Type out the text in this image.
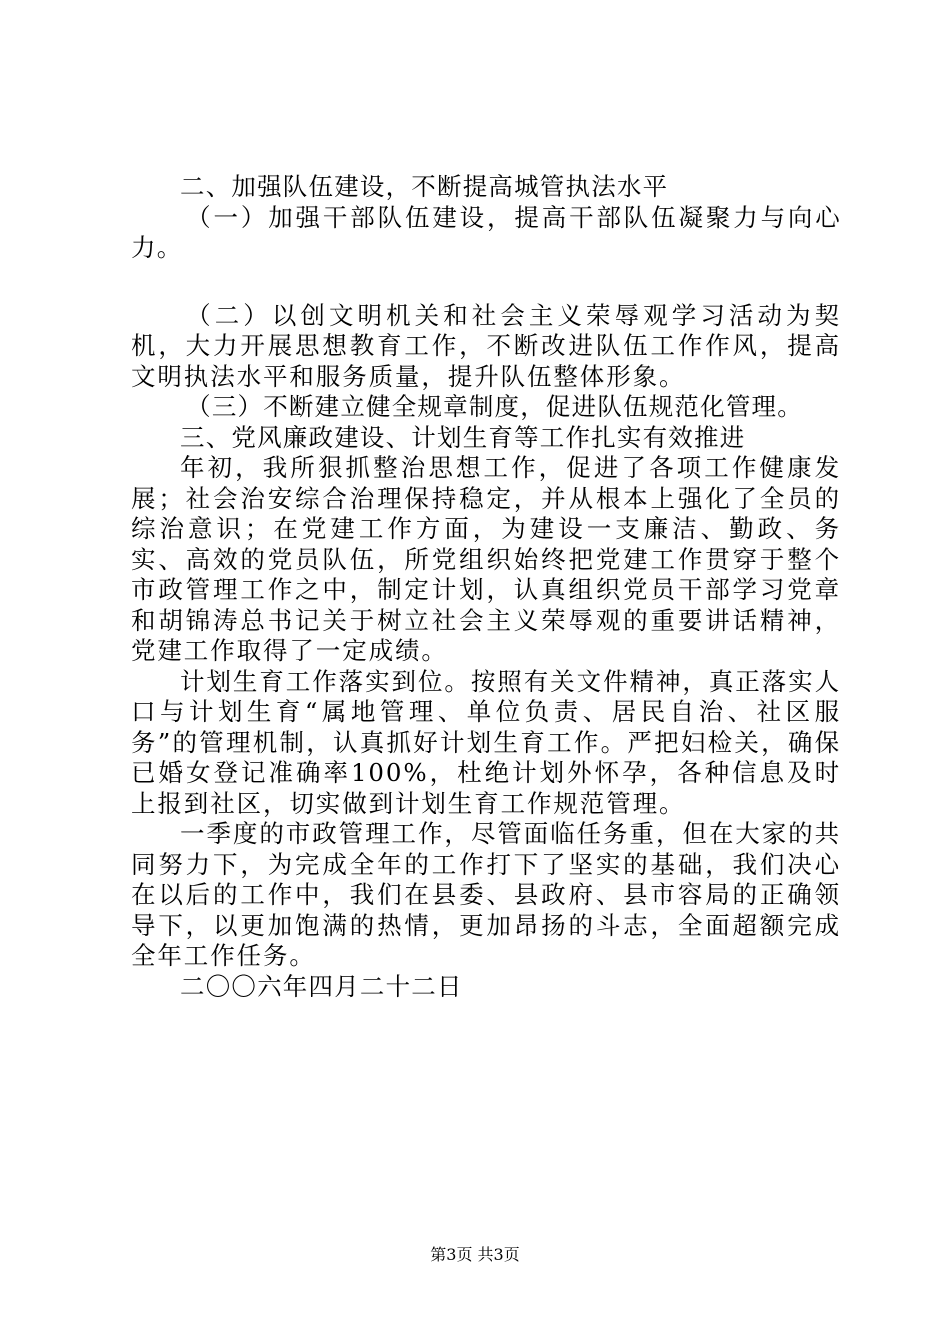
二、加强队伍建设，不断提高城管执法水平

（一）加强干部队伍建设，提高干部队伍凝聚力与向心力。

（二）以创文明机关和社会主义荣辱观学习活动为契机，大力开展思想教育工作，不断改进队伍工作作风，提高文明执法水平和服务质量，提升队伍整体形象。

（三）不断建立健全规章制度，促进队伍规范化管理。

三、党风廉政建设、计划生育等工作扎实有效推进

年初，我所狠抓整治思想工作，促进了各项工作健康发展；社会治安综合治理保持稳定，并从根本上强化了全员的综治意识；在党建工作方面，为建设一支廉洁、勤政、务实、高效的党员队伍，所党组织始终把党建工作贯穿于整个市政管理工作之中，制定计划，认真组织党员干部学习党章和胡锦涛总书记关于树立社会主义荣辱观的重要讲话精神，党建工作取得了一定成绩。

计划生育工作落实到位。按照有关文件精神，真正落实人口与计划生育“属地管理、单位负责、居民自治、社区服务”的管理机制，认真抓好计划生育工作。严把妇检关，确保已婚女登记准确率100%，杜绝计划外怀孕，各种信息及时上报到社区，切实做到计划生育工作规范管理。

一季度的市政管理工作，尽管面临任务重，但在大家的共同努力下，为完成全年的工作打下了坚实的基础，我们决心在以后的工作中，我们在县委、县政府、县市容局的正确领导下，以更加饱满的热情，更加昂扬的斗志，全面超额完成全年工作任务。

二〇〇六年四月二十二日

第3页 共3页
